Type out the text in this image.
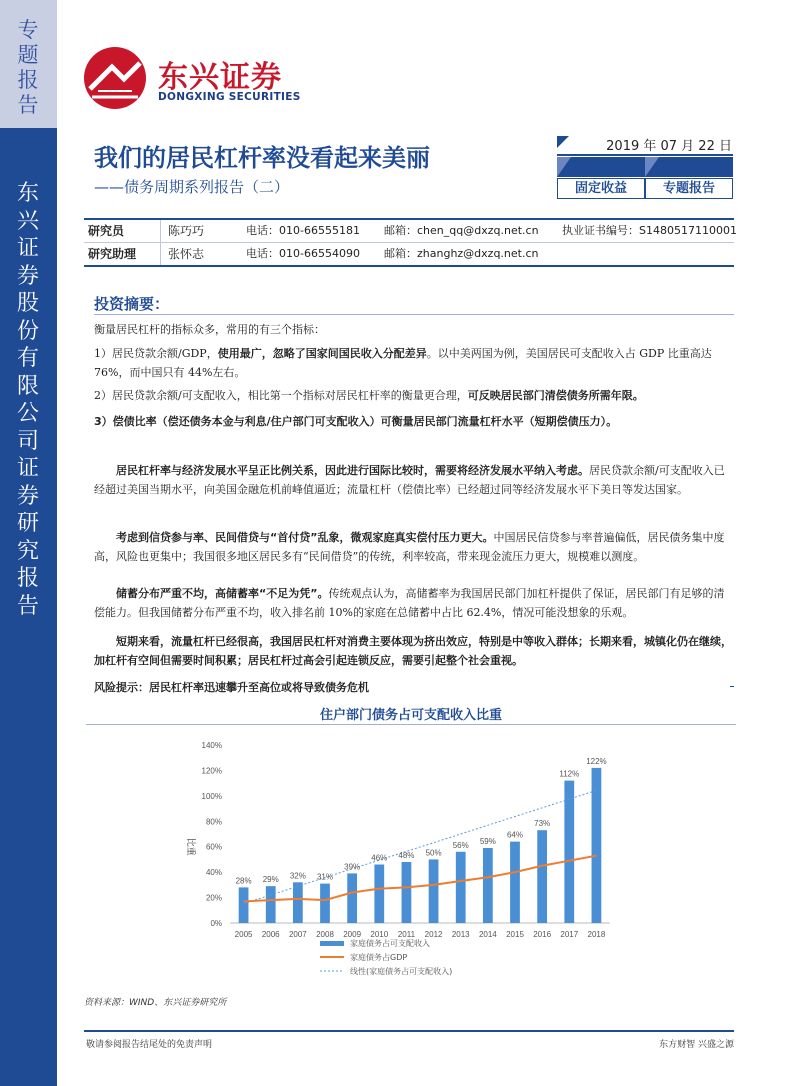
专题报告
东兴证券股份有限公司证券研究报告
东兴证券
DONGXING SECURITIES
我们的居民杠杆率没看起来美丽
——债务周期系列报告（二）
2019 年 07 月 22 日
固定收益	专题报告
研究员	陈巧巧	电话：010-66555181 邮箱：chen_qq@dxzq.net.cn 执业证书编号：S1480517110001
研究助理	张怀志	电话：010-66554090 邮箱：zhanghz@dxzq.net.cn
投资摘要：
衡量居民杠杆的指标众多，常用的有三个指标：
1）居民贷款余额/GDP，使用最广，忽略了国家间国民收入分配差异。以中美两国为例，美国居民可支配收入占 GDP 比重高达 76%，而中国只有 44%左右。
2）居民贷款余额/可支配收入，相比第一个指标对居民杠杆率的衡量更合理，可反映居民部门清偿债务所需年限。
3）偿债比率（偿还债务本金与利息/住户部门可支配收入）可衡量居民部门流量杠杆水平（短期偿债压力）。
居民杠杆率与经济发展水平呈正比例关系，因此进行国际比较时，需要将经济发展水平纳入考虑。居民贷款余额/可支配收入已经超过美国当期水平，向美国金融危机前峰值逼近；流量杠杆（偿债比率）已经超过同等经济发展水平下美日等发达国家。
考虑到信贷参与率、民间借贷与“首付贷”乱象，微观家庭真实偿付压力更大。中国居民信贷参与率普遍偏低，居民债务集中度高，风险也更集中；我国很多地区居民多有“民间借贷”的传统，利率较高，带来现金流压力更大，规模难以测度。
储蓄分布严重不均，高储蓄率“不足为凭”。传统观点认为，高储蓄率为我国居民部门加杠杆提供了保证，居民部门有足够的清偿能力。但我国储蓄分布严重不均，收入排名前 10%的家庭在总储蓄中占比 62.4%，情况可能没想象的乐观。
短期来看，流量杠杆已经很高，我国居民杠杆对消费主要体现为挤出效应，特别是中等收入群体；长期来看，城镇化仍在继续，加杠杆有空间但需要时间积累；居民杠杆过高会引起连锁反应，需要引起整个社会重视。
风险提示：居民杠杆率迅速攀升至高位或将导致债务危机
住户部门债务占可支配收入比重
0%
20%
40%
60%
80%
100%
120%
140%
比重
2005 2006 2007 2008 2009 2010 2011 2012 2013 2014 2015 2016 2017 2018
28% 29% 32% 31%
39%
46% 48% 50%
56% 59%
64%
73%
112%
122%
家庭债务占可支配收入
家庭债务占GDP
线性(家庭债务占可支配收入)
资料来源：WIND、东兴证券研究所
敬请参阅报告结尾处的免责声明	东方财智 兴盛之源
